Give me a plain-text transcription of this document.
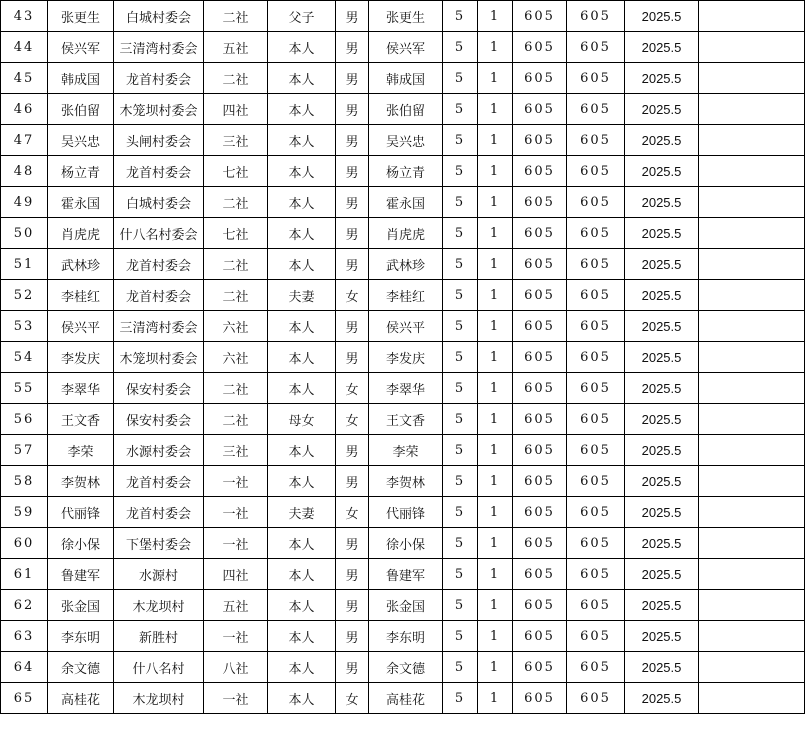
43	张更生	白城村委会	二社	父子	男	张更生	5	1	605	605	2025.5	
44	侯兴军	三清湾村委会	五社	本人	男	侯兴军	5	1	605	605	2025.5	
45	韩成国	龙首村委会	二社	本人	男	韩成国	5	1	605	605	2025.5	
46	张伯留	木笼坝村委会	四社	本人	男	张伯留	5	1	605	605	2025.5	
47	吴兴忠	头闸村委会	三社	本人	男	吴兴忠	5	1	605	605	2025.5	
48	杨立青	龙首村委会	七社	本人	男	杨立青	5	1	605	605	2025.5	
49	霍永国	白城村委会	二社	本人	男	霍永国	5	1	605	605	2025.5	
50	肖虎虎	什八名村委会	七社	本人	男	肖虎虎	5	1	605	605	2025.5	
51	武林珍	龙首村委会	二社	本人	男	武林珍	5	1	605	605	2025.5	
52	李桂红	龙首村委会	二社	夫妻	女	李桂红	5	1	605	605	2025.5	
53	侯兴平	三清湾村委会	六社	本人	男	侯兴平	5	1	605	605	2025.5	
54	李发庆	木笼坝村委会	六社	本人	男	李发庆	5	1	605	605	2025.5	
55	李翠华	保安村委会	二社	本人	女	李翠华	5	1	605	605	2025.5	
56	王文香	保安村委会	二社	母女	女	王文香	5	1	605	605	2025.5	
57	李荣	水源村委会	三社	本人	男	李荣	5	1	605	605	2025.5	
58	李贺林	龙首村委会	一社	本人	男	李贺林	5	1	605	605	2025.5	
59	代丽锋	龙首村委会	一社	夫妻	女	代丽锋	5	1	605	605	2025.5	
60	徐小保	下堡村委会	一社	本人	男	徐小保	5	1	605	605	2025.5	
61	鲁建军	水源村	四社	本人	男	鲁建军	5	1	605	605	2025.5	
62	张金国	木龙坝村	五社	本人	男	张金国	5	1	605	605	2025.5	
63	李东明	新胜村	一社	本人	男	李东明	5	1	605	605	2025.5	
64	余文德	什八名村	八社	本人	男	余文德	5	1	605	605	2025.5	
65	高桂花	木龙坝村	一社	本人	女	高桂花	5	1	605	605	2025.5	
